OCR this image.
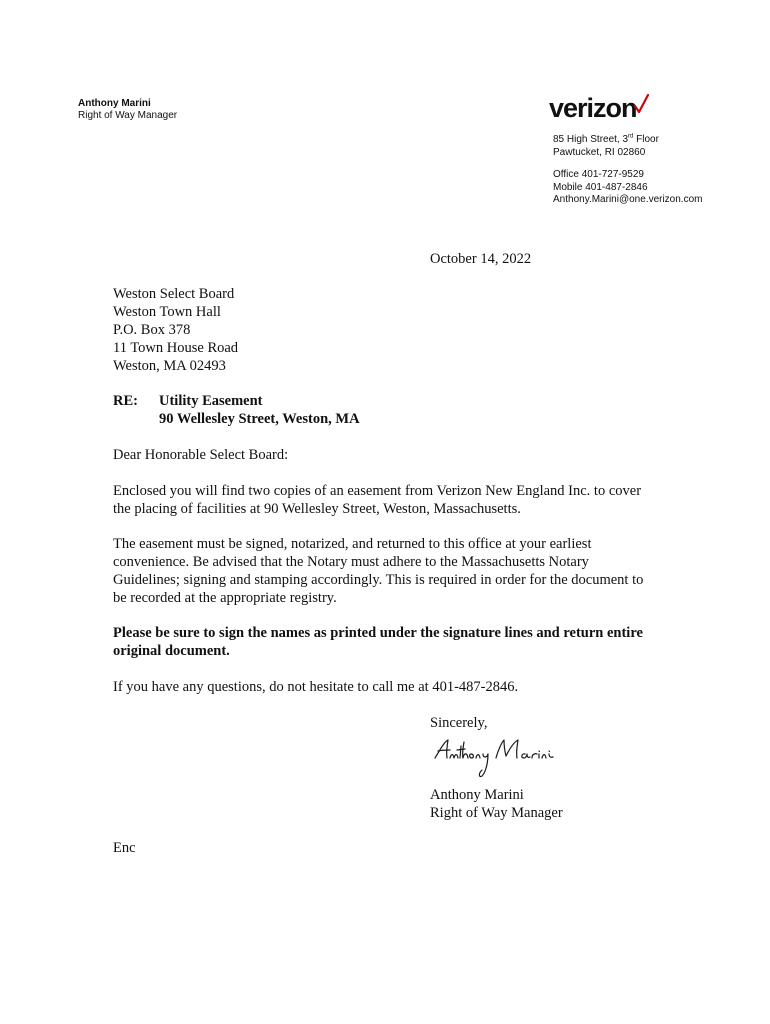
Anthony Marini
Right of Way Manager	verizon
85 High Street, 3rd Floor
Pawtucket, RI 02860
Office 401-727-9529
Mobile 401-487-2846
Anthony.Marini@one.verizon.com
October 14, 2022
Weston Select Board
Weston Town Hall
P.O. Box 378
11 Town House Road
Weston, MA 02493
RE: Utility Easement
90 Wellesley Street, Weston, MA
Dear Honorable Select Board:
Enclosed you will find two copies of an easement from Verizon New England Inc. to cover the placing of facilities at 90 Wellesley Street, Weston, Massachusetts.
The easement must be signed, notarized, and returned to this office at your earliest convenience. Be advised that the Notary must adhere to the Massachusetts Notary Guidelines; signing and stamping accordingly. This is required in order for the document to be recorded at the appropriate registry.
Please be sure to sign the names as printed under the signature lines and return entire original document.
If you have any questions, do not hesitate to call me at 401-487-2846.
Sincerely,
Anthony Marini
Right of Way Manager
Enc
